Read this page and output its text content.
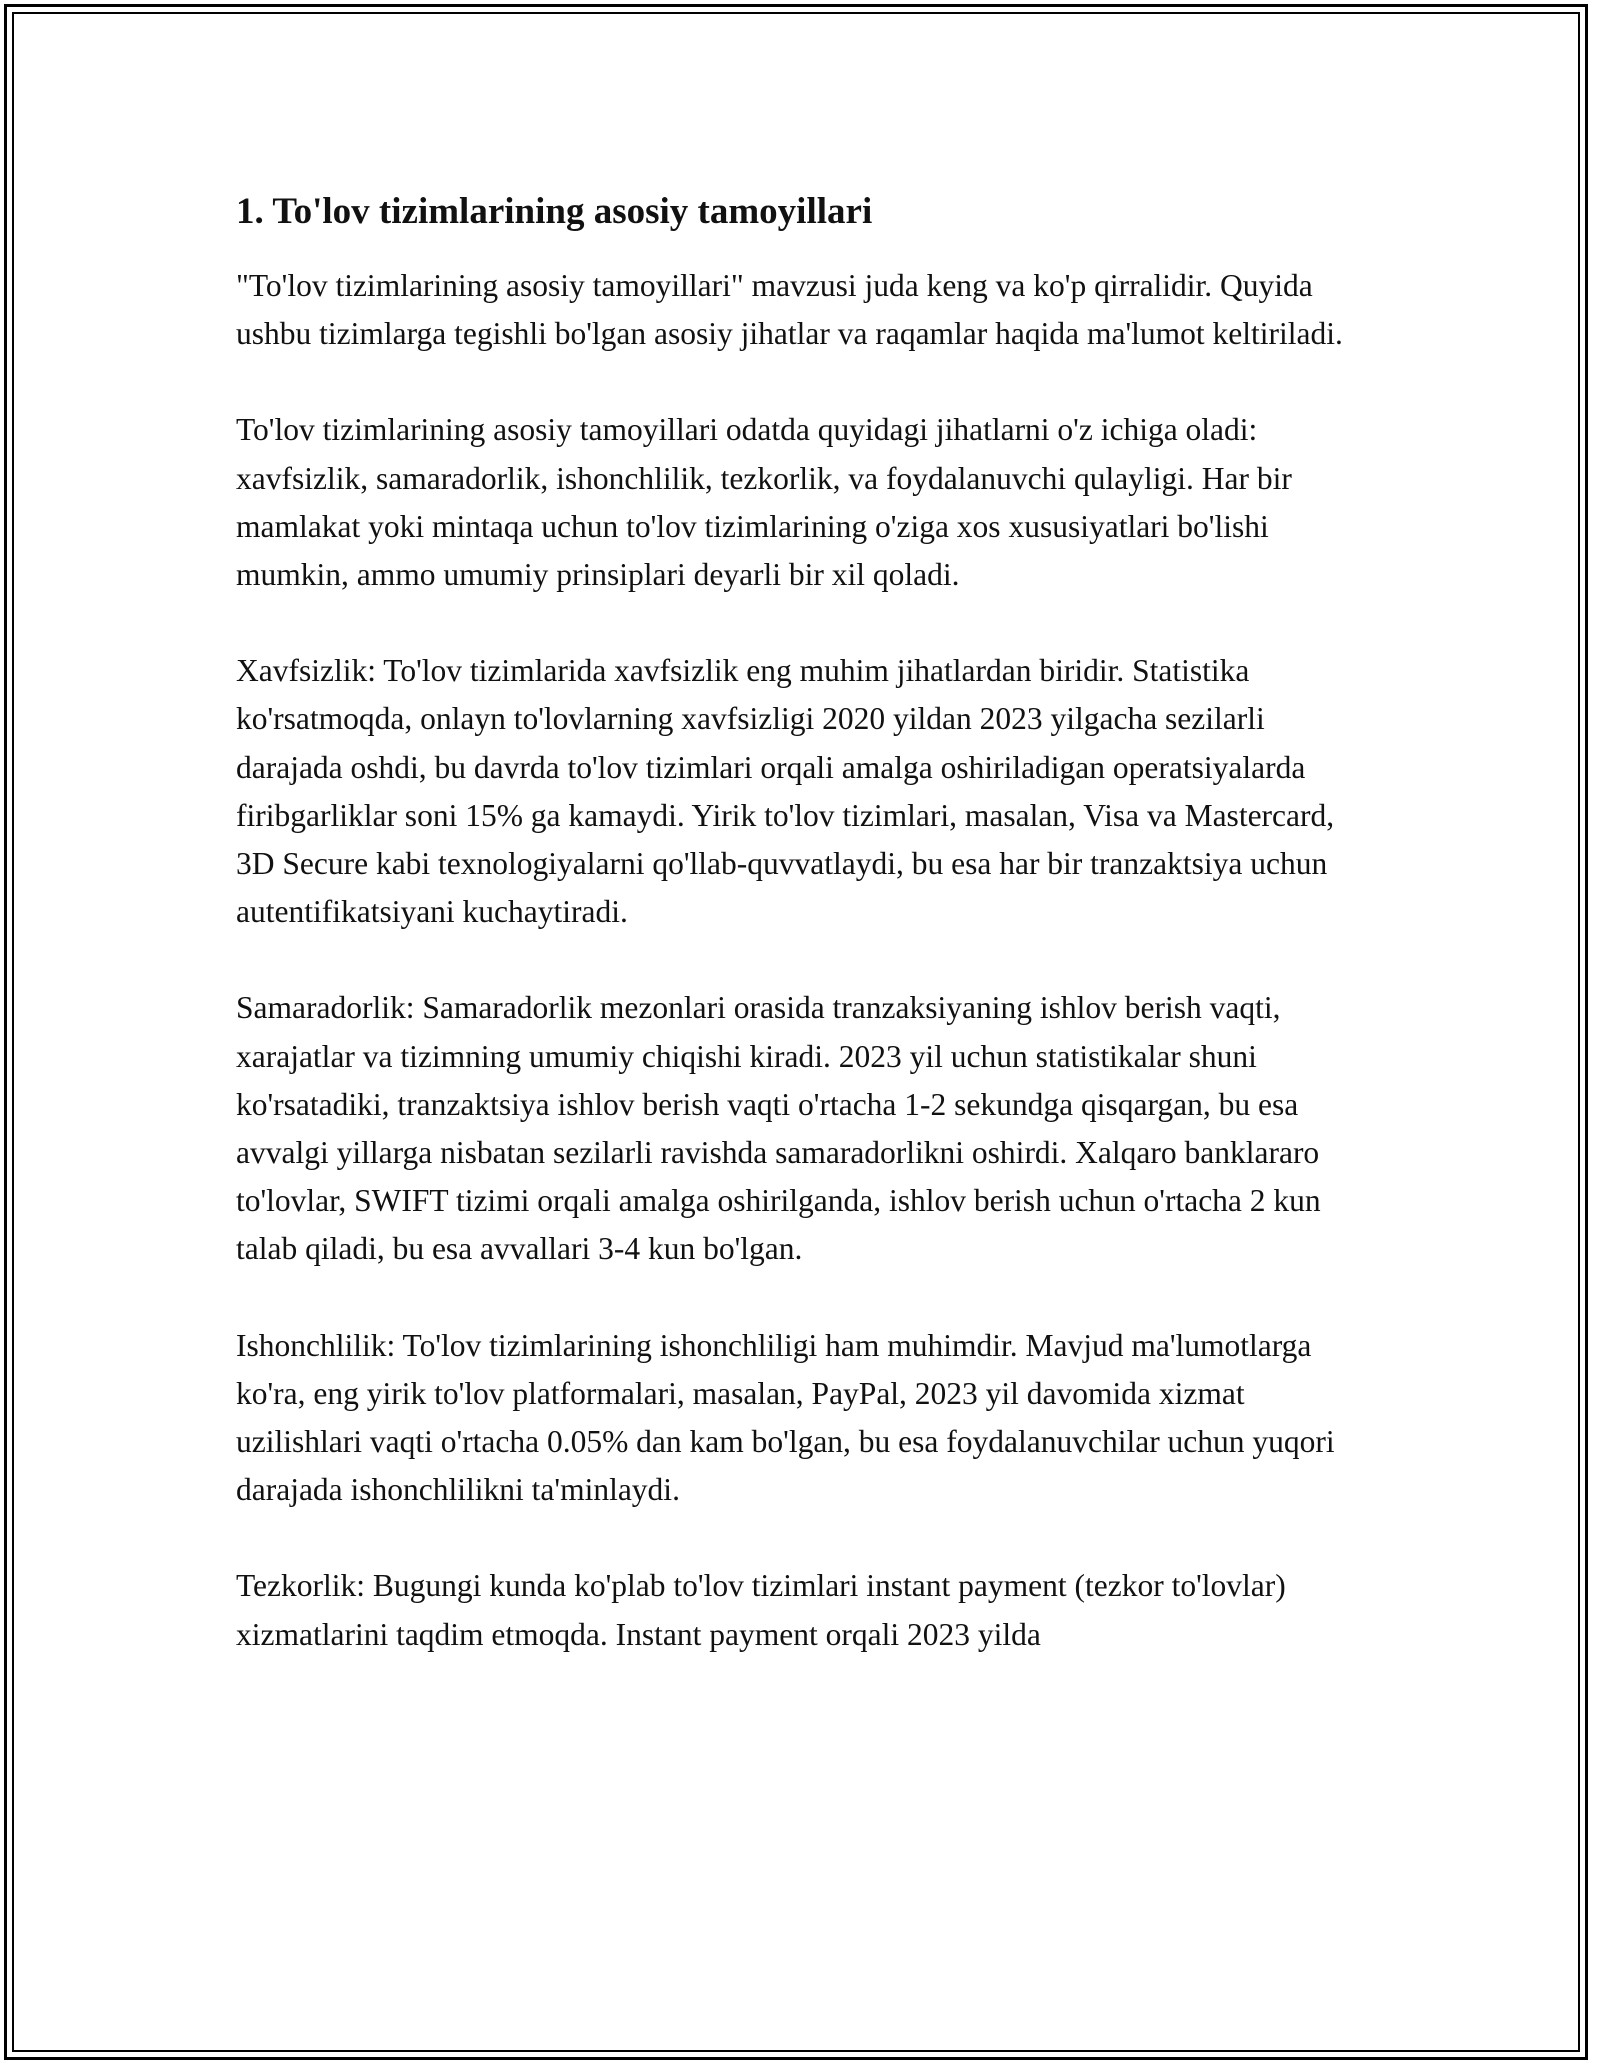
1. To'lov tizimlarining asosiy tamoyillari

"To'lov tizimlarining asosiy tamoyillari" mavzusi juda keng va ko'p qirralidir. Quyida ushbu tizimlarga tegishli bo'lgan asosiy jihatlar va raqamlar haqida ma'lumot keltiriladi.

To'lov tizimlarining asosiy tamoyillari odatda quyidagi jihatlarni o'z ichiga oladi: xavfsizlik, samaradorlik, ishonchlilik, tezkorlik, va foydalanuvchi qulayligi. Har bir mamlakat yoki mintaqa uchun to'lov tizimlarining o'ziga xos xususiyatlari bo'lishi mumkin, ammo umumiy prinsiplari deyarli bir xil qoladi.

Xavfsizlik: To'lov tizimlarida xavfsizlik eng muhim jihatlardan biridir. Statistika ko'rsatmoqda, onlayn to'lovlarning xavfsizligi 2020 yildan 2023 yilgacha sezilarli darajada oshdi, bu davrda to'lov tizimlari orqali amalga oshiriladigan operatsiyalarda firibgarliklar soni 15% ga kamaydi. Yirik to'lov tizimlari, masalan, Visa va Mastercard, 3D Secure kabi texnologiyalarni qo'llab-quvvatlaydi, bu esa har bir tranzaktsiya uchun autentifikatsiyani kuchaytiradi.

Samaradorlik: Samaradorlik mezonlari orasida tranzaksiyaning ishlov berish vaqti, xarajatlar va tizimning umumiy chiqishi kiradi. 2023 yil uchun statistikalar shuni ko'rsatadiki, tranzaktsiya ishlov berish vaqti o'rtacha 1-2 sekundga qisqargan, bu esa avvalgi yillarga nisbatan sezilarli ravishda samaradorlikni oshirdi. Xalqaro banklararo to'lovlar, SWIFT tizimi orqali amalga oshirilganda, ishlov berish uchun o'rtacha 2 kun talab qiladi, bu esa avvallari 3-4 kun bo'lgan.

Ishonchlilik: To'lov tizimlarining ishonchliligi ham muhimdir. Mavjud ma'lumotlarga ko'ra, eng yirik to'lov platformalari, masalan, PayPal, 2023 yil davomida xizmat uzilishlari vaqti o'rtacha 0.05% dan kam bo'lgan, bu esa foydalanuvchilar uchun yuqori darajada ishonchlilikni ta'minlaydi.

Tezkorlik: Bugungi kunda ko'plab to'lov tizimlari instant payment (tezkor to'lovlar) xizmatlarini taqdim etmoqda. Instant payment orqali 2023 yilda
